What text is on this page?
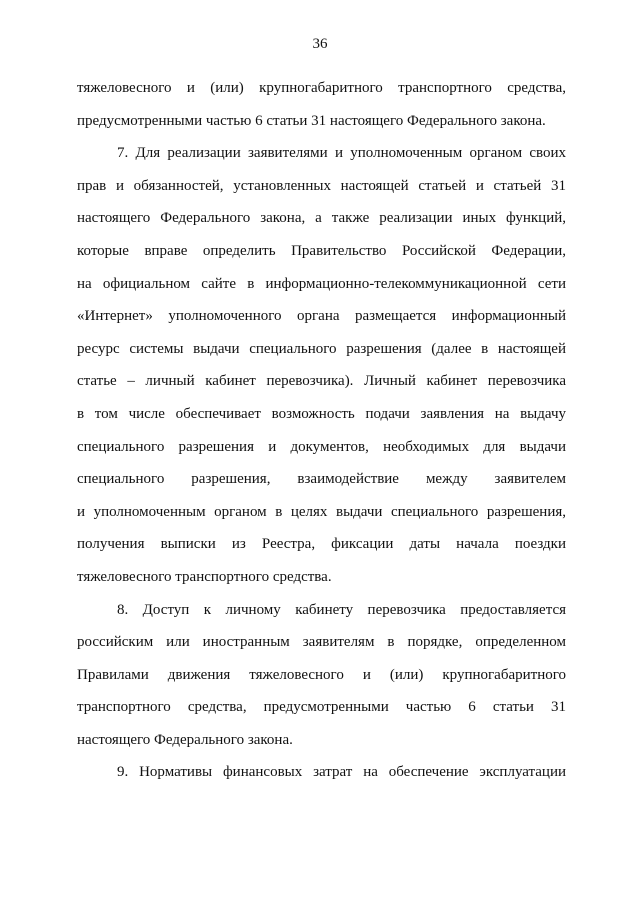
36
тяжеловесного и (или) крупногабаритного транспортного средства,
предусмотренными частью 6 статьи 31 настоящего Федерального закона.
7. Для реализации заявителями и уполномоченным органом своих
прав и обязанностей, установленных настоящей статьей и статьей 31
настоящего Федерального закона, а также реализации иных функций,
которые вправе определить Правительство Российской Федерации,
на официальном сайте в информационно-телекоммуникационной сети
«Интернет» уполномоченного органа размещается информационный
ресурс системы выдачи специального разрешения (далее в настоящей
статье – личный кабинет перевозчика). Личный кабинет перевозчика
в том числе обеспечивает возможность подачи заявления на выдачу
специального разрешения и документов, необходимых для выдачи
специального разрешения, взаимодействие между заявителем
и уполномоченным органом в целях выдачи специального разрешения,
получения выписки из Реестра, фиксации даты начала поездки
тяжеловесного транспортного средства.
8. Доступ к личному кабинету перевозчика предоставляется
российским или иностранным заявителям в порядке, определенном
Правилами движения тяжеловесного и (или) крупногабаритного
транспортного средства, предусмотренными частью 6 статьи 31
настоящего Федерального закона.
9. Нормативы финансовых затрат на обеспечение эксплуатации
